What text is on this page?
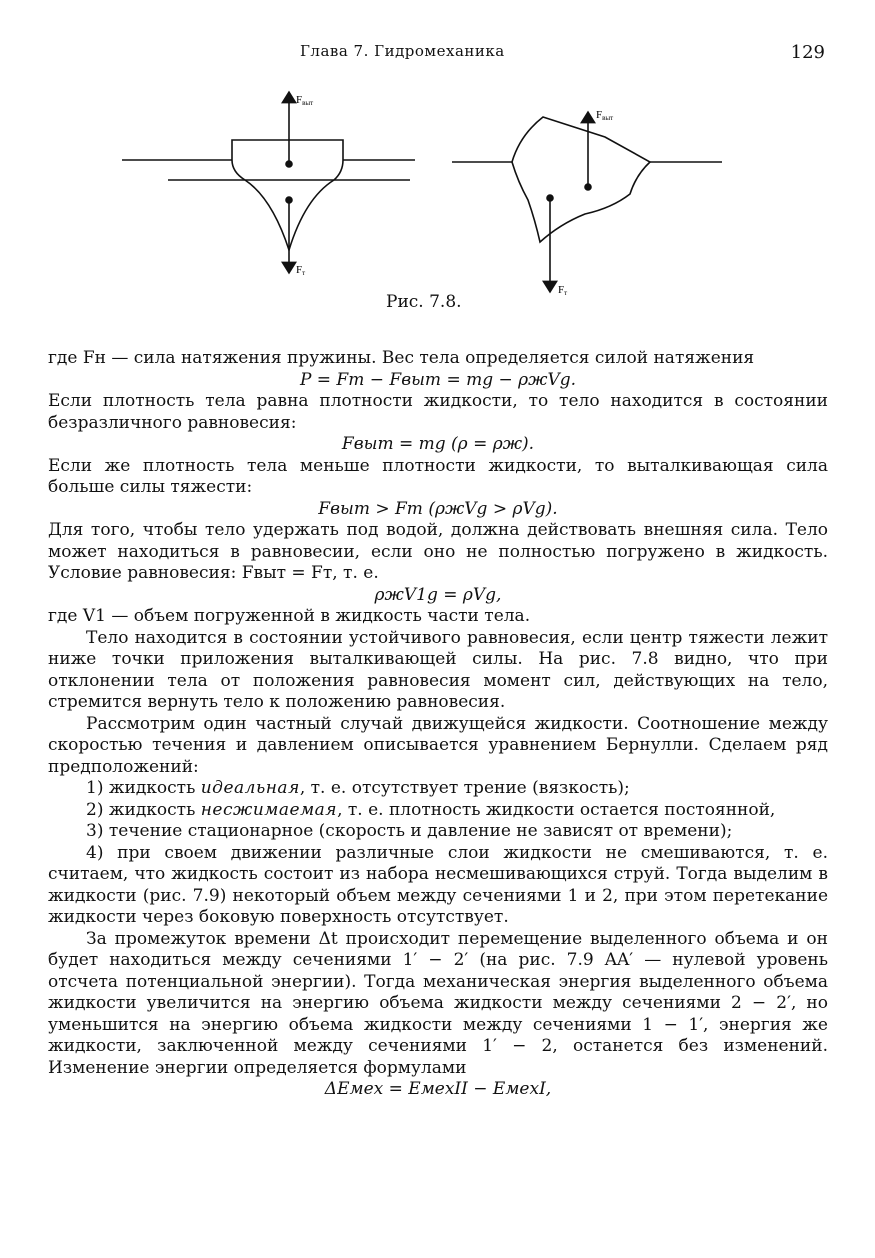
Глава 7. Гидромеханика	129
Fвыт
Fт
Fвыт
Fт
Рис. 7.8.

где Fн — сила натяжения пружины. Вес тела определяется силой натяжения

P = Fт − Fвыт = mg − ρжVg.

Если плотность тела равна плотности жидкости, то тело находится в состоянии безразличного равновесия:

Fвыт = mg (ρ = ρж).

Если же плотность тела меньше плотности жидкости, то выталкивающая сила больше силы тяжести:

Fвыт > Fт (ρжVg > ρVg).

Для того, чтобы тело удержать под водой, должна действовать внешняя сила. Тело может находиться в равновесии, если оно не полностью погружено в жидкость. Условие равновесия: Fвыт = Fт, т. е.

ρжV1g = ρVg,

где V1 — объем погруженной в жидкость части тела.

Тело находится в состоянии устойчивого равновесия, если центр тяжести лежит ниже точки приложения выталкивающей силы. На рис. 7.8 видно, что при отклонении тела от положения равновесия момент сил, действующих на тело, стремится вернуть тело к положению равновесия.

Рассмотрим один частный случай движущейся жидкости. Соотношение между скоростью течения и давлением описывается уравнением Бернулли. Сделаем ряд предположений:

1) жидкость идеальная, т. е. отсутствует трение (вязкость);

2) жидкость несжимаемая, т. е. плотность жидкости остается постоянной,

3) течение стационарное (скорость и давление не зависят от времени);

4) при своем движении различные слои жидкости не смешиваются, т. е. считаем, что жидкость состоит из набора несмешивающихся струй. Тогда выделим в жидкости (рис. 7.9) некоторый объем между сечениями 1 и 2, при этом перетекание жидкости через боковую поверхность отсутствует.

За промежуток времени Δt происходит перемещение выделенного объема и он будет находиться между сечениями 1′ − 2′ (на рис. 7.9 AA′ — нулевой уровень отсчета потенциальной энергии). Тогда механическая энергия выделенного объема жидкости увеличится на энергию объема жидкости между сечениями 2 − 2′, но уменьшится на энергию объема жидкости между сечениями 1 − 1′, энергия же жидкости, заключенной между сечениями 1′ − 2, останется без изменений. Изменение энергии определяется формулами

ΔEмех = EмехII − EмехI,
